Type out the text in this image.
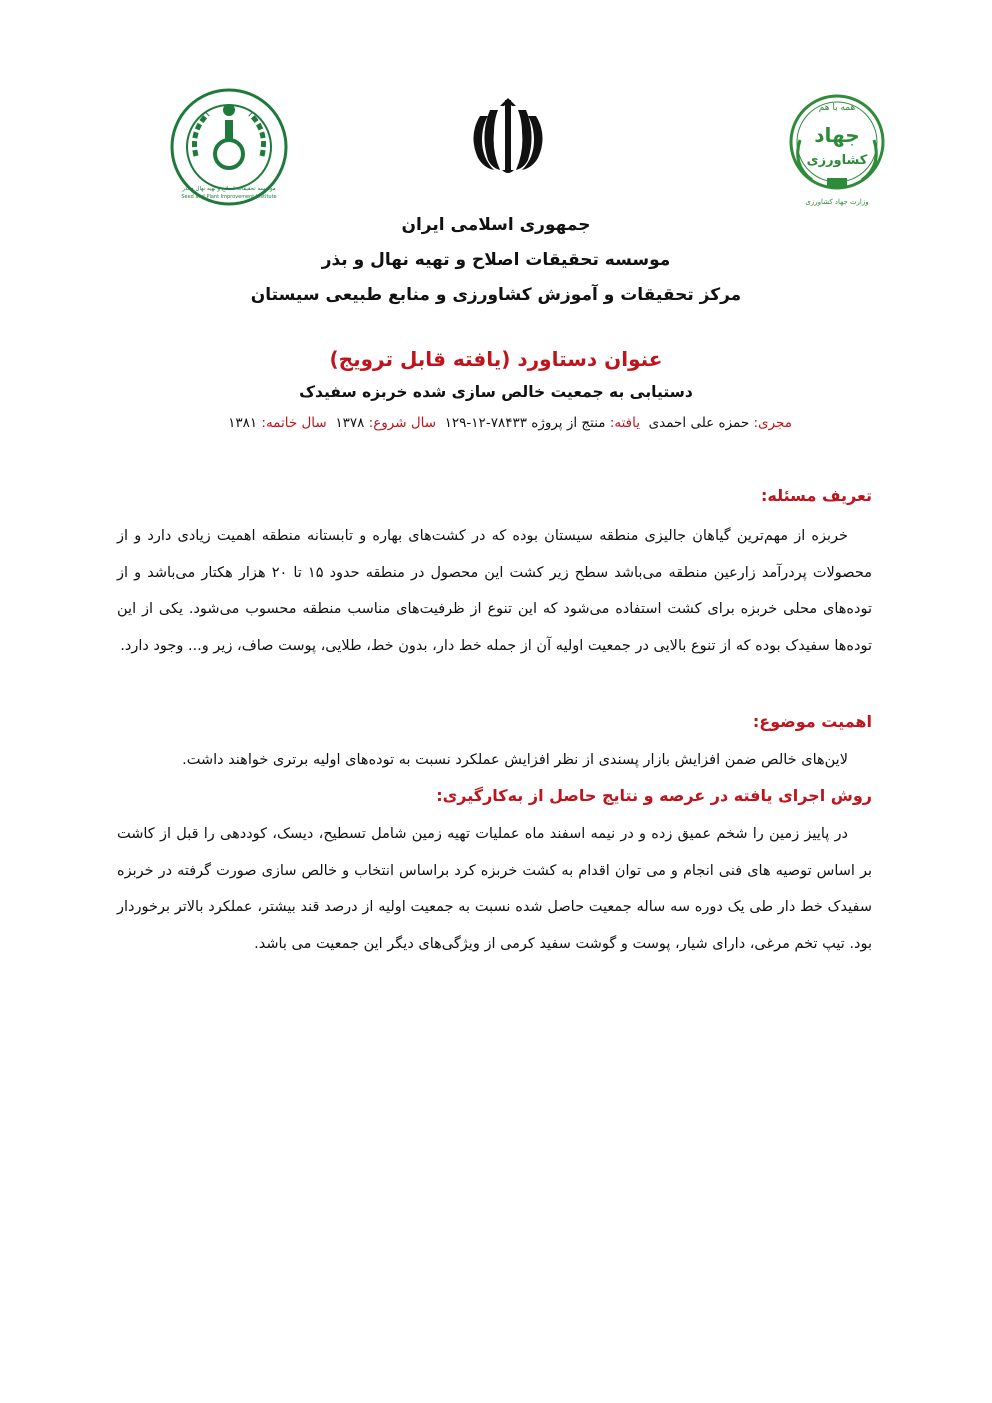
همه با هم
جهاد
کشاورزی
وزارت جهاد کشاورزی
موسسه تحقیقات اصلاح و تهیه نهال و بذر
Seed and Plant Improvement Institute
جمهوری اسلامی ایران
موسسه تحقیقات اصلاح و تهیه نهال و بذر
مرکز تحقیقات و آموزش کشاورزی و منابع طبیعی سیستان
عنوان دستاورد (یافته قابل ترویج)
دستیابی به جمعیت خالص سازی شده خربزه سفیدک
مجری: حمزه علی احمدی  یافته: منتج از پروژه ۷۸۴۳۳-۱۲-۱۲۹  سال شروع: ۱۳۷۸  سال خاتمه: ۱۳۸۱
تعریف مسئله:

خربزه از مهم‌ترین گیاهان جالیزی منطقه سیستان بوده که در کشت‌های بهاره و تابستانه منطقه اهمیت زیادی دارد و از محصولات پردرآمد زارعین منطقه می‌باشد سطح زیر کشت این محصول در منطقه حدود ۱۵ تا ۲۰ هزار هکتار می‌باشد و از توده‌های محلی خربزه برای کشت استفاده می‌شود که این تنوع از ظرفیت‌های مناسب منطقه محسوب می‌شود. یکی از این توده‌ها سفیدک بوده که از تنوع بالایی در جمعیت اولیه آن از جمله خط دار، بدون خط، طلایی، پوست صاف، زیر و... وجود دارد.

اهمیت موضوع:

لاین‌های خالص ضمن افزایش بازار پسندی از نظر افزایش عملکرد نسبت به توده‌های اولیه برتری خواهند داشت.

روش اجرای یافته در عرصه و نتایج حاصل از به‌کارگیری:

در پاییز زمین را شخم عمیق زده و در نیمه اسفند ماه عملیات تهیه زمین شامل تسطیح، دیسک، کوددهی را قبل از کاشت بر اساس توصیه های فنی انجام و می توان اقدام به کشت خربزه کرد براساس انتخاب و خالص سازی صورت گرفته در خربزه سفیدک خط دار طی یک دوره سه ساله جمعیت حاصل شده نسبت به جمعیت اولیه از درصد قند بیشتر، عملکرد بالاتر برخوردار بود. تیپ تخم مرغی، دارای شیار، پوست و گوشت سفید کرمی از ویژگی‌های دیگر این جمعیت می باشد.
